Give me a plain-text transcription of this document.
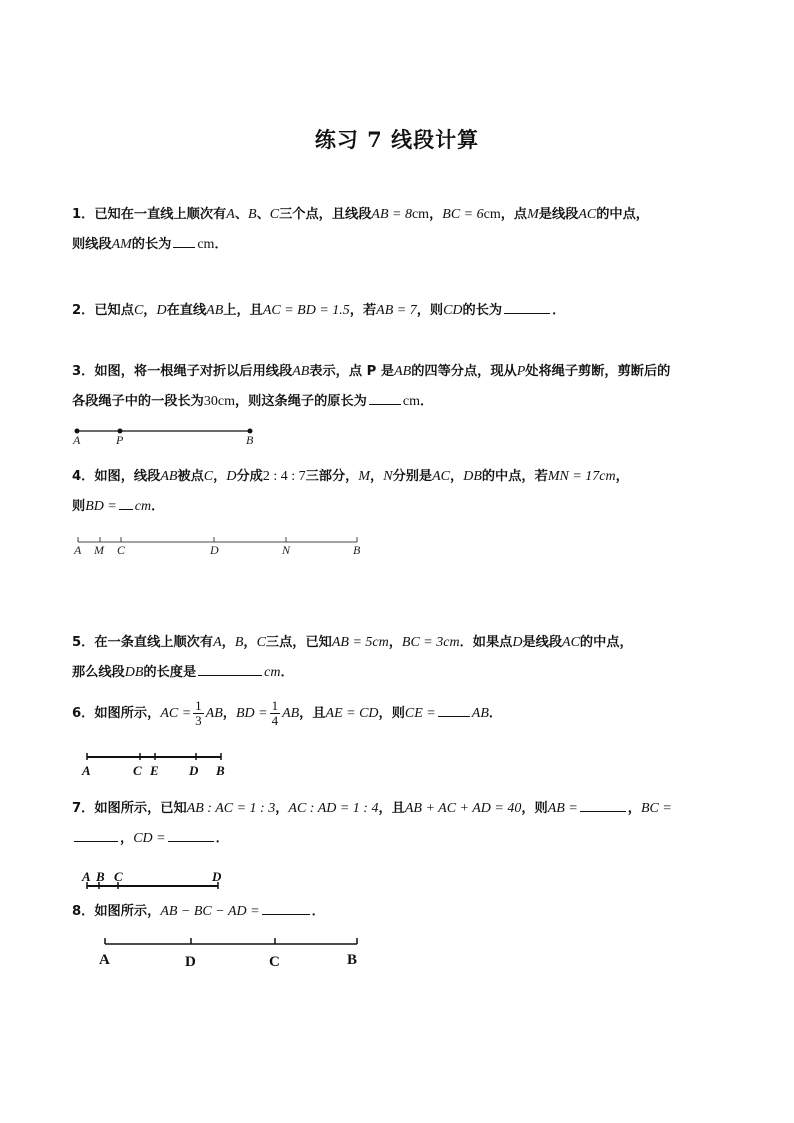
练习 7 线段计算
1．已知在一直线上顺次有A、B、C三个点，且线段AB = 8cm，BC = 6cm，点M是线段AC的中点，
则线段AM的长为 cm．
2．已知点C，D在直线AB上，且AC = BD = 1.5，若AB = 7，则CD的长为	．
3．如图，将一根绳子对折以后用线段AB表示，点 P 是AB的四等分点，现从P处将绳子剪断，剪断后的
各段绳子中的一段长为30cm，则这条绳子的原长为	cm．
4．如图，线段AB被点C，D分成2 : 4 : 7三部分，M，N分别是AC，DB的中点，若MN = 17cm，
则BD = cm．
5．在一条直线上顺次有A，B，C三点，已知AB = 5cm，BC = 3cm．如果点D是线段AC的中点，
那么线段DB的长度是	cm．
6．如图所示，AC = $\frac{1}{3}$ AB，BD = $\frac{1}{4}$ AB，且AE = CD，则CE =	AB．
7．如图所示，已知AB : AC = 1 : 3，AC : AD = 1 : 4，且AB + AC + AD = 40，则AB =	，BC =
，CD =	．
8．如图所示，AB − BC − AD =	．
A	P	B
A M C	D	N	B
A	C E D B
A B C	D
A	D	C	B
